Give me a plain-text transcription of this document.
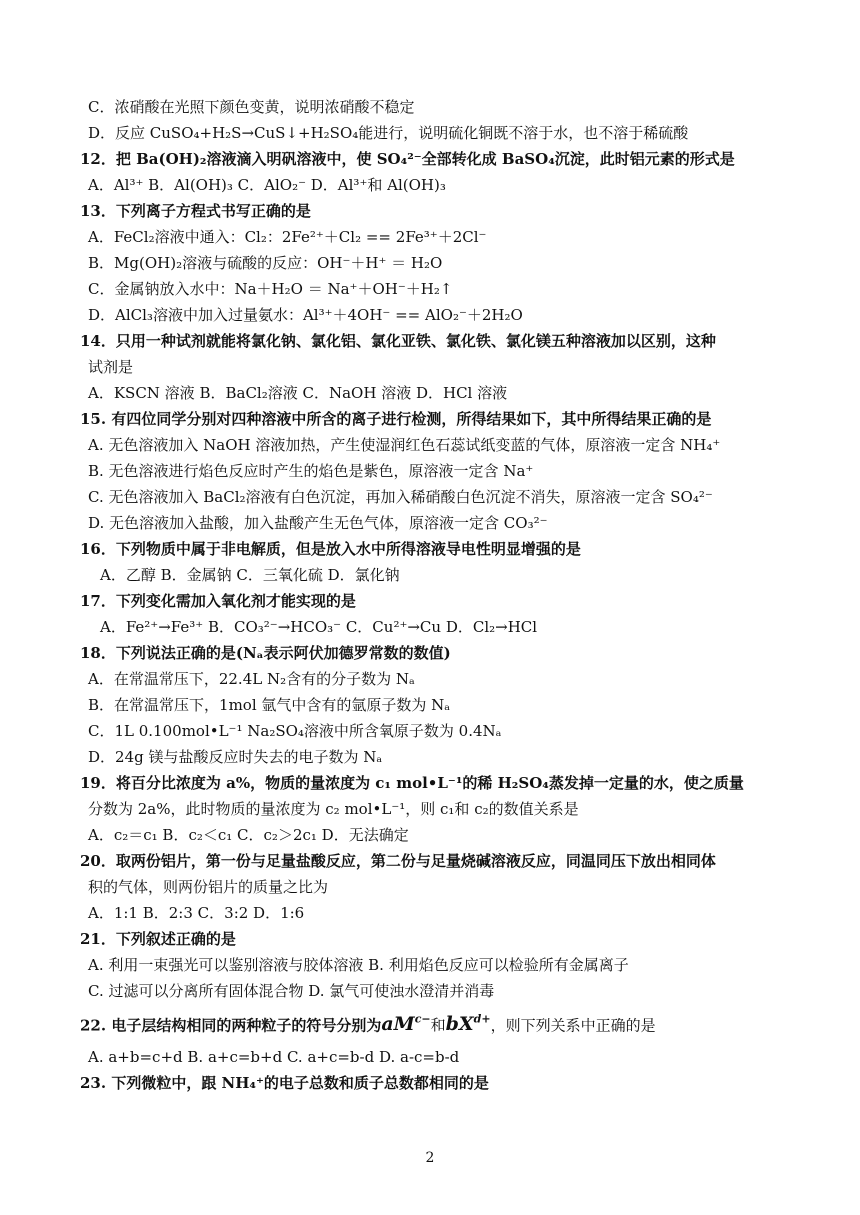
C．浓硝酸在光照下颜色变黄，说明浓硝酸不稳定
D．反应 CuSO₄+H₂S→CuS↓+H₂SO₄能进行，说明硫化铜既不溶于水，也不溶于稀硫酸
12．把 Ba(OH)₂溶液滴入明矾溶液中，使 SO₄²⁻全部转化成 BaSO₄沉淀，此时铝元素的形式是
A．Al³⁺ B．Al(OH)₃ C．AlO₂⁻ D．Al³⁺和 Al(OH)₃
13．下列离子方程式书写正确的是
A．FeCl₂溶液中通入：Cl₂：2Fe²⁺＋Cl₂ == 2Fe³⁺＋2Cl⁻
B．Mg(OH)₂溶液与硫酸的反应：OH⁻＋H⁺ ＝ H₂O
C．金属钠放入水中：Na＋H₂O ＝ Na⁺＋OH⁻＋H₂↑
D．AlCl₃溶液中加入过量氨水：Al³⁺＋4OH⁻ == AlO₂⁻＋2H₂O
14．只用一种试剂就能将氯化钠、氯化铝、氯化亚铁、氯化铁、氯化镁五种溶液加以区别，这种
试剂是
A．KSCN 溶液 B．BaCl₂溶液 C．NaOH 溶液 D．HCl 溶液
15. 有四位同学分别对四种溶液中所含的离子进行检测，所得结果如下，其中所得结果正确的是
A. 无色溶液加入 NaOH 溶液加热，产生使湿润红色石蕊试纸变蓝的气体，原溶液一定含 NH₄⁺
B. 无色溶液进行焰色反应时产生的焰色是紫色，原溶液一定含 Na⁺
C. 无色溶液加入 BaCl₂溶液有白色沉淀，再加入稀硝酸白色沉淀不消失，原溶液一定含 SO₄²⁻
D. 无色溶液加入盐酸，加入盐酸产生无色气体，原溶液一定含 CO₃²⁻
16．下列物质中属于非电解质，但是放入水中所得溶液导电性明显增强的是
A．乙醇 B．金属钠 C．三氧化硫 D．氯化钠
17．下列变化需加入氧化剂才能实现的是
A．Fe²⁺→Fe³⁺ B．CO₃²⁻→HCO₃⁻ C．Cu²⁺→Cu D．Cl₂→HCl
18．下列说法正确的是(Nₐ表示阿伏加德罗常数的数值)
A．在常温常压下，22.4L N₂含有的分子数为 Nₐ
B．在常温常压下，1mol 氩气中含有的氩原子数为 Nₐ
C．1L 0.100mol•L⁻¹ Na₂SO₄溶液中所含氧原子数为 0.4Nₐ
D．24g 镁与盐酸反应时失去的电子数为 Nₐ
19．将百分比浓度为 a%，物质的量浓度为 c₁ mol•L⁻¹的稀 H₂SO₄蒸发掉一定量的水，使之质量
分数为 2a%，此时物质的量浓度为 c₂ mol•L⁻¹，则 c₁和 c₂的数值关系是
A．c₂＝c₁ B．c₂＜c₁ C．c₂＞2c₁ D．无法确定
20．取两份铝片，第一份与足量盐酸反应，第二份与足量烧碱溶液反应，同温同压下放出相同体
积的气体，则两份铝片的质量之比为
A．1:1 B．2:3 C．3:2 D．1:6
21．下列叙述正确的是
A. 利用一束强光可以鉴别溶液与胶体溶液 B. 利用焰色反应可以检验所有金属离子
C. 过滤可以分离所有固体混合物 D. 氯气可使浊水澄清并消毒
22. 电子层结构相同的两种粒子的符号分别为$aM^{c-}$和$bX^{d+}$，则下列关系中正确的是
A. a+b=c+d B. a+c=b+d C. a+c=b-d D. a-c=b-d
23. 下列微粒中，跟 NH₄⁺的电子总数和质子总数都相同的是
2
